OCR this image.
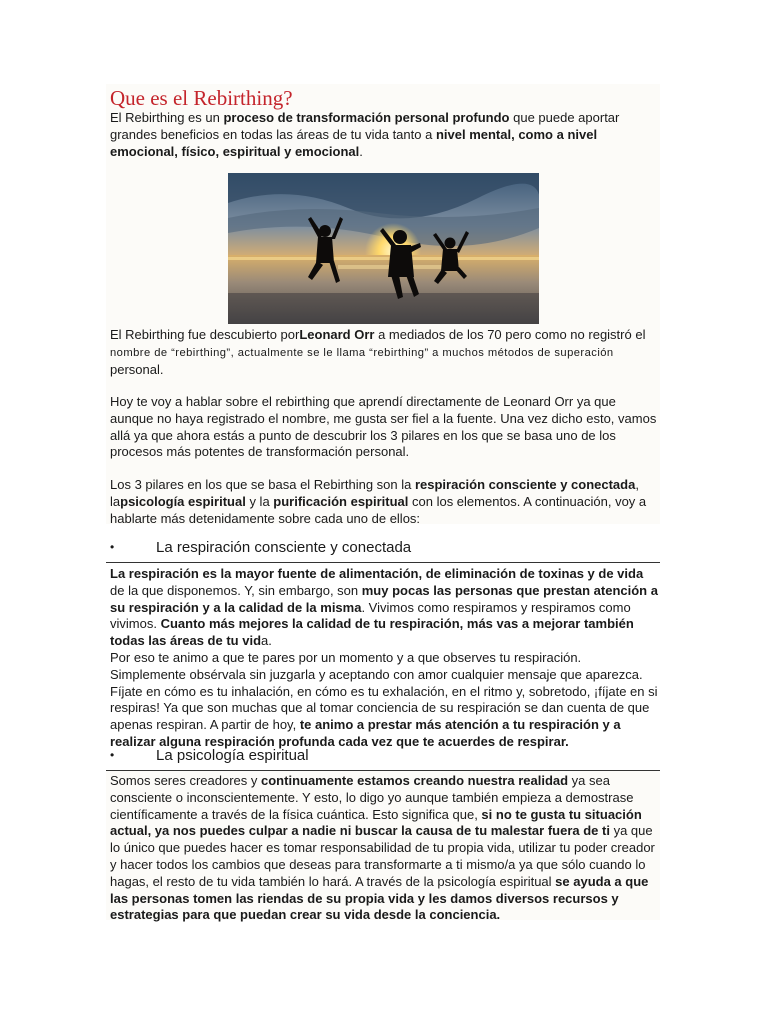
Que es el Rebirthing?

El Rebirthing es un proceso de transformación personal profundo que puede aportar grandes beneficios en todas las áreas de tu vida tanto a nivel mental, como a nivel emocional, físico, espiritual y emocional.

El Rebirthing fue descubierto porLeonard Orr a mediados de los 70 pero como no registró el nombre de “rebirthing”, actualmente se le llama “rebirthing” a muchos métodos de superación personal.

Hoy te voy a hablar sobre el rebirthing que aprendí directamente de Leonard Orr ya que aunque no haya registrado el nombre, me gusta ser fiel a la fuente. Una vez dicho esto, vamos allá ya que ahora estás a punto de descubrir los 3 pilares en los que se basa uno de los procesos más potentes de transformación personal.

Los 3 pilares en los que se basa el Rebirthing son la respiración consciente y conectada, lapsicología espiritual y la purificación espiritual con los elementos. A continuación, voy a hablarte más detenidamente sobre cada uno de ellos:

•	La respiración consciente y conectada

La respiración es la mayor fuente de alimentación, de eliminación de toxinas y de vida de la que disponemos. Y, sin embargo, son muy pocas las personas que prestan atención a su respiración y a la calidad de la misma. Vivimos como respiramos y respiramos como vivimos. Cuanto más mejores la calidad de tu respiración, más vas a mejorar también todas las áreas de tu vida.
Por eso te animo a que te pares por un momento y a que observes tu respiración. Simplemente obsérvala sin juzgarla y aceptando con amor cualquier mensaje que aparezca. Fíjate en cómo es tu inhalación, en cómo es tu exhalación, en el ritmo y, sobretodo, ¡fíjate en si respiras! Ya que son muchas que al tomar conciencia de su respiración se dan cuenta de que apenas respiran. A partir de hoy, te animo a prestar más atención a tu respiración y a realizar alguna respiración profunda cada vez que te acuerdes de respirar.

•	La psicología espiritual

Somos seres creadores y continuamente estamos creando nuestra realidad ya sea consciente o inconscientemente. Y esto, lo digo yo aunque también empieza a demostrase científicamente a través de la física cuántica. Esto significa que, si no te gusta tu situación actual, ya nos puedes culpar a nadie ni buscar la causa de tu malestar fuera de ti ya que lo único que puedes hacer es tomar responsabilidad de tu propia vida, utilizar tu poder creador y hacer todos los cambios que deseas para transformarte a ti mismo/a ya que sólo cuando lo hagas, el resto de tu vida también lo hará. A través de la psicología espiritual se ayuda a que las personas tomen las riendas de su propia vida y les damos diversos recursos y estrategias para que puedan crear su vida desde la conciencia.
